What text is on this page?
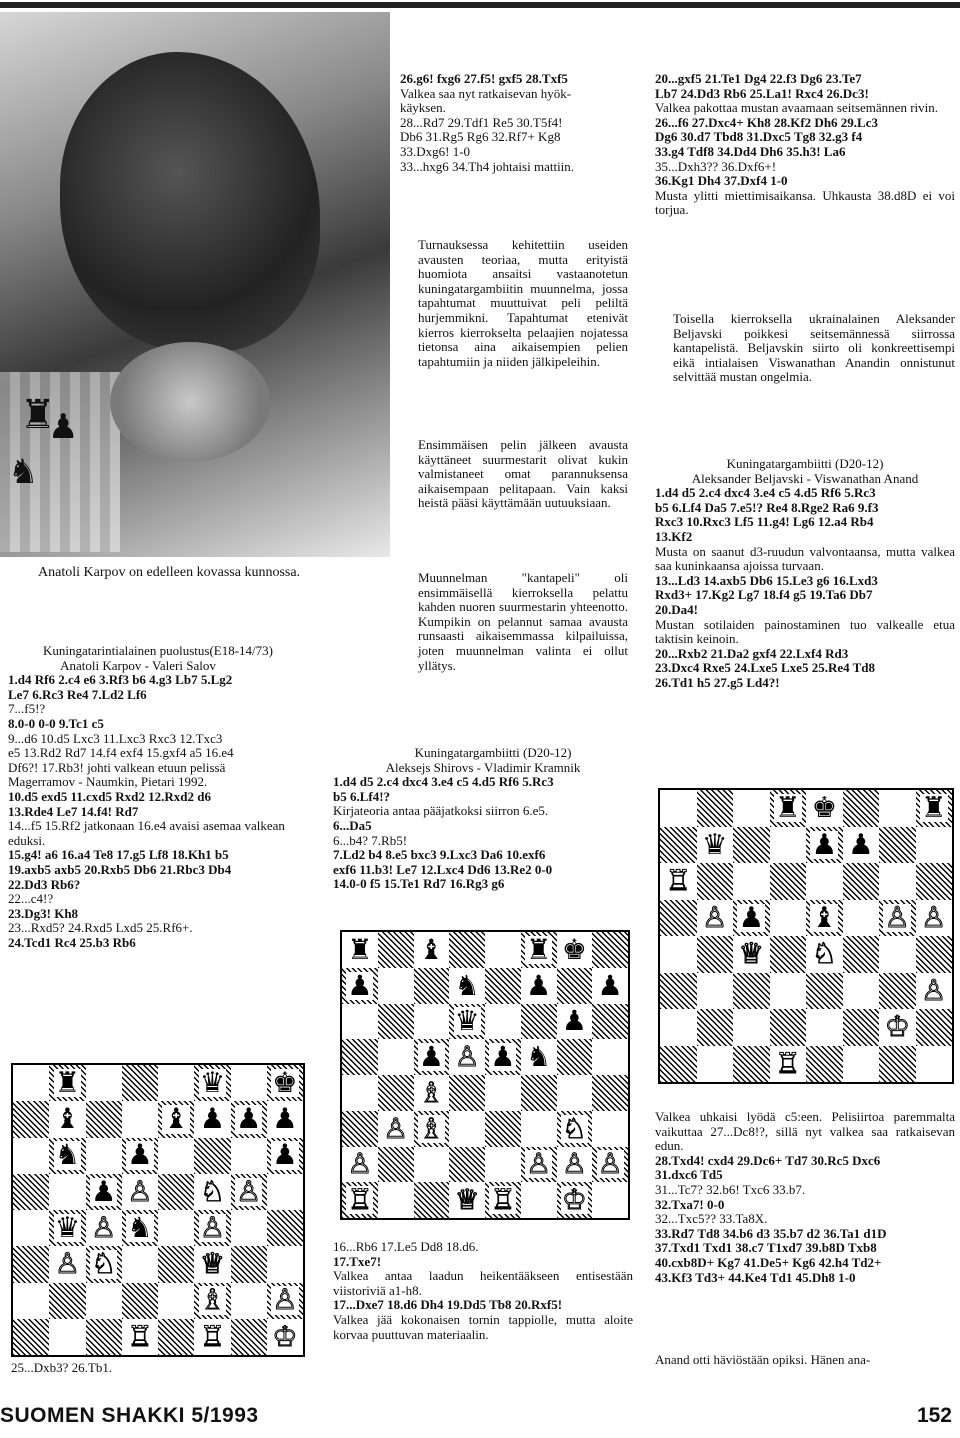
♜
♟
♞

Anatoli Karpov on edelleen kovassa kunnossa.

Kuningatarintialainen puolustus(E18-14/73)

Anatoli Karpov - Valeri Salov

1.d4 Rf6 2.c4 e6 3.Rf3 b6 4.g3 Lb7 5.Lg2

Le7 6.Rc3 Re4 7.Ld2 Lf6

7...f5!?

8.0-0 0-0 9.Tc1 c5

9...d6 10.d5 Lxc3 11.Lxc3 Rxc3 12.Txc3

e5 13.Rd2 Rd7 14.f4 exf4 15.gxf4 a5 16.e4

Df6?! 17.Rb3! johti valkean etuun pelissä

Magerramov - Naumkin, Pietari 1992.

10.d5 exd5 11.cxd5 Rxd2 12.Rxd2 d6

13.Rde4 Le7 14.f4! Rd7

14...f5 15.Rf2 jatkonaan 16.e4 avaisi asemaa valkean eduksi.

15.g4! a6 16.a4 Te8 17.g5 Lf8 18.Kh1 b5

19.axb5 axb5 20.Rxb5 Db6 21.Rbc3 Db4

22.Dd3 Rb6?

22...c4!?

23.Dg3! Kh8

23...Rxd5? 24.Rxd5 Lxd5 25.Rf6+.

24.Tcd1 Rc4 25.b3 Rb6

♜	♛ ♚
♝	♝ ♟ ♟ ♟
♞ ♟	♟
♟ ♙ ♘ ♙
♛ ♙ ♞ ♙
♙ ♘	♕
♗ ♙
♖ ♖ ♔

25...Dxb3? 26.Tb1.

26.g6! fxg6 27.f5! gxf5 28.Txf5

Valkea saa nyt ratkaisevan hyök-

käyksen.

28...Rd7 29.Tdf1 Re5 30.T5f4!

Db6 31.Rg5 Rg6 32.Rf7+ Kg8

33.Dxg6! 1-0

33...hxg6 34.Th4 johtaisi mattiin.

Turnauksessa kehitettiin useiden avausten teoriaa, mutta erityistä huomiota ansaitsi vastaanotetun kuningatargambiitin muunnelma, jossa tapahtumat muuttuivat peli peliltä hurjemmikni. Tapahtumat etenivät kierros kierrokselta pelaajien nojatessa tietonsa aina aikaisempien pelien tapahtumiin ja niiden jälkipeleihin.

Ensimmäisen pelin jälkeen avausta käyttäneet suurmestarit olivat kukin valmistaneet omat parannuksensa aikaisempaan pelitapaan. Vain kaksi heistä pääsi käyttämään uutuuksiaan.

Muunnelman "kantapeli" oli ensimmäisellä kierroksella pelattu kahden nuoren suurmestarin yhteenotto. Kumpikin on pelannut samaa avausta runsaasti aikaisemmassa kilpailuissa, joten muunnelman valinta ei ollut yllätys.

Kuningatargambiitti (D20-12)

Aleksejs Shirovs - Vladimir Kramnik

1.d4 d5 2.c4 dxc4 3.e4 c5 4.d5 Rf6 5.Rc3

b5 6.Lf4!?

Kirjateoria antaa pääjatkoksi siirron 6.e5.

6...Da5

6...b4? 7.Rb5!

7.Ld2 b4 8.e5 bxc3 9.Lxc3 Da6 10.exf6

exf6 11.b3! Le7 12.Lxc4 Dd6 13.Re2 0-0

14.0-0 f5 15.Te1 Rd7 16.Rg3 g6

♜ ♝	♜ ♚
♟	♞ ♟ ♟
♛	♟
♟ ♙ ♟ ♞
♗
♙ ♗	♘
♙	♙ ♙ ♙
♖	♕ ♖ ♔

16...Rb6 17.Le5 Dd8 18.d6.

17.Txe7!

Valkea antaa laadun heikentääkseen entisestään viistoriviä a1-h8.

17...Dxe7 18.d6 Dh4 19.Dd5 Tb8 20.Rxf5!

Valkea jää kokonaisen tornin tappiolle, mutta aloite korvaa puuttuvan materiaalin.

20...gxf5 21.Te1 Dg4 22.f3 Dg6 23.Te7

Lb7 24.Dd3 Rb6 25.La1! Rxc4 26.Dc3!

Valkea pakottaa mustan avaamaan seitsemännen rivin.

26...f6 27.Dxc4+ Kh8 28.Kf2 Dh6 29.Lc3

Dg6 30.d7 Tbd8 31.Dxc5 Tg8 32.g3 f4

33.g4 Tdf8 34.Dd4 Dh6 35.h3! La6

35...Dxh3?? 36.Dxf6+!

36.Kg1 Dh4 37.Dxf4 1-0

Musta ylitti miettimisaikansa. Uhkausta 38.d8D ei voi torjua.

Toisella kierroksella ukrainalainen Aleksander Beljavski poikkesi seitsemännessä siirrossa kantapelistä. Beljavskin siirto oli konkreettisempi eikä intialaisen Viswanathan Anandin onnistunut selvittää mustan ongelmia.

Kuningatargambiitti (D20-12)

Aleksander Beljavski - Viswanathan Anand

1.d4 d5 2.c4 dxc4 3.e4 c5 4.d5 Rf6 5.Rc3

b5 6.Lf4 Da5 7.e5!? Re4 8.Rge2 Ra6 9.f3

Rxc3 10.Rxc3 Lf5 11.g4! Lg6 12.a4 Rb4

13.Kf2

Musta on saanut d3-ruudun valvontaansa, mutta valkea saa kuninkaansa ajoissa turvaan.

13...Ld3 14.axb5 Db6 15.Le3 g6 16.Lxd3

Rxd3+ 17.Kg2 Lg7 18.f4 g5 19.Ta6 Db7

20.Da4!

Mustan sotilaiden painostaminen tuo valkealle etua taktisin keinoin.

20...Rxb2 21.Da2 gxf4 22.Lxf4 Rd3

23.Dxc4 Rxe5 24.Lxe5 Lxe5 25.Re4 Td8

26.Td1 h5 27.g5 Ld4?!

♜ ♚	♜
♛	♟ ♟
♖
♙ ♟ ♝ ♙ ♙
♕ ♘
♙
♔
♖

Valkea uhkaisi lyödä c5:een. Pelisiirtoa paremmalta vaikuttaa 27...Dc8!?, sillä nyt valkea saa ratkaisevan edun.

28.Txd4! cxd4 29.Dc6+ Td7 30.Rc5 Dxc6

31.dxc6 Td5

31...Tc7? 32.b6! Txc6 33.b7.

32.Txa7! 0-0

32...Txc5?? 33.Ta8X.

33.Rd7 Td8 34.b6 d3 35.b7 d2 36.Ta1 d1D

37.Txd1 Txd1 38.c7 T1xd7 39.b8D Txb8

40.cxb8D+ Kg7 41.De5+ Kg6 42.h4 Td2+

43.Kf3 Td3+ 44.Ke4 Td1 45.Dh8 1-0

Anand otti häviöstään opiksi. Hänen ana-

SUOMEN SHAKKI 5/1993	152
